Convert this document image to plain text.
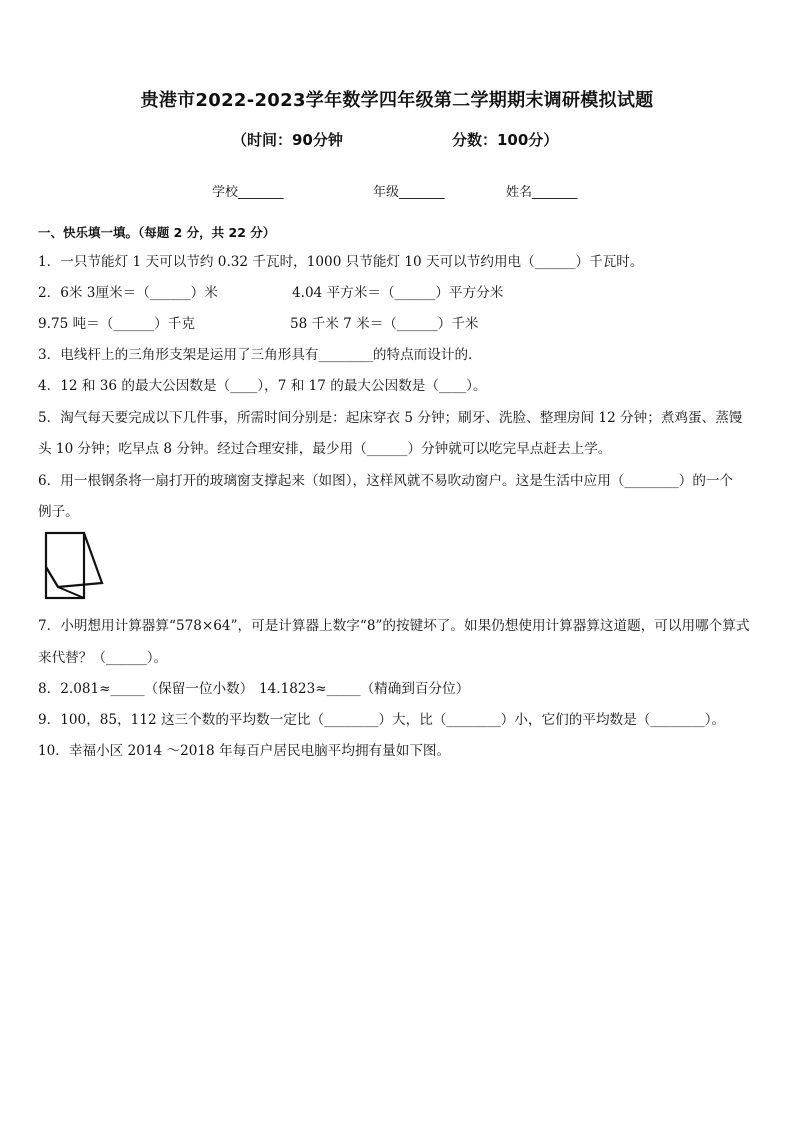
贵港市2022-2023学年数学四年级第二学期期末调研模拟试题
（时间：90分钟	分数：100分）
学校_______	年级_______	姓名_______
一、快乐填一填。（每题 2 分，共 22 分）
1．一只节能灯 1 天可以节约 0.32 千瓦时，1000 只节能灯 10 天可以节约用电（______）千瓦时。
2．6米 3厘米＝（______）米	4.04 平方米＝（______）平方分米
9.75 吨＝（______）千克	58 千米 7 米＝（______）千米
3．电线杆上的三角形支架是运用了三角形具有________的特点而设计的．
4．12 和 36 的最大公因数是（____），7 和 17 的最大公因数是（____）。
5．淘气每天要完成以下几件事，所需时间分别是：起床穿衣 5 分钟；刷牙、洗脸、整理房间 12 分钟；煮鸡蛋、蒸馒
头 10 分钟；吃早点 8 分钟。经过合理安排，最少用（______）分钟就可以吃完早点赶去上学。
6．用一根钢条将一扇打开的玻璃窗支撑起来（如图），这样风就不易吹动窗户。这是生活中应用（________）的一个
例子。
7．小明想用计算器算“578×64”，可是计算器上数字“8”的按键坏了。如果仍想使用计算器算这道题，可以用哪个算式
来代替？（______）。
8．2.081≈_____（保留一位小数） 14.1823≈_____（精确到百分位）
9．100，85，112 这三个数的平均数一定比（________）大，比（________）小，它们的平均数是（________）。
10．幸福小区 2014 ～2018 年每百户居民电脑平均拥有量如下图。
